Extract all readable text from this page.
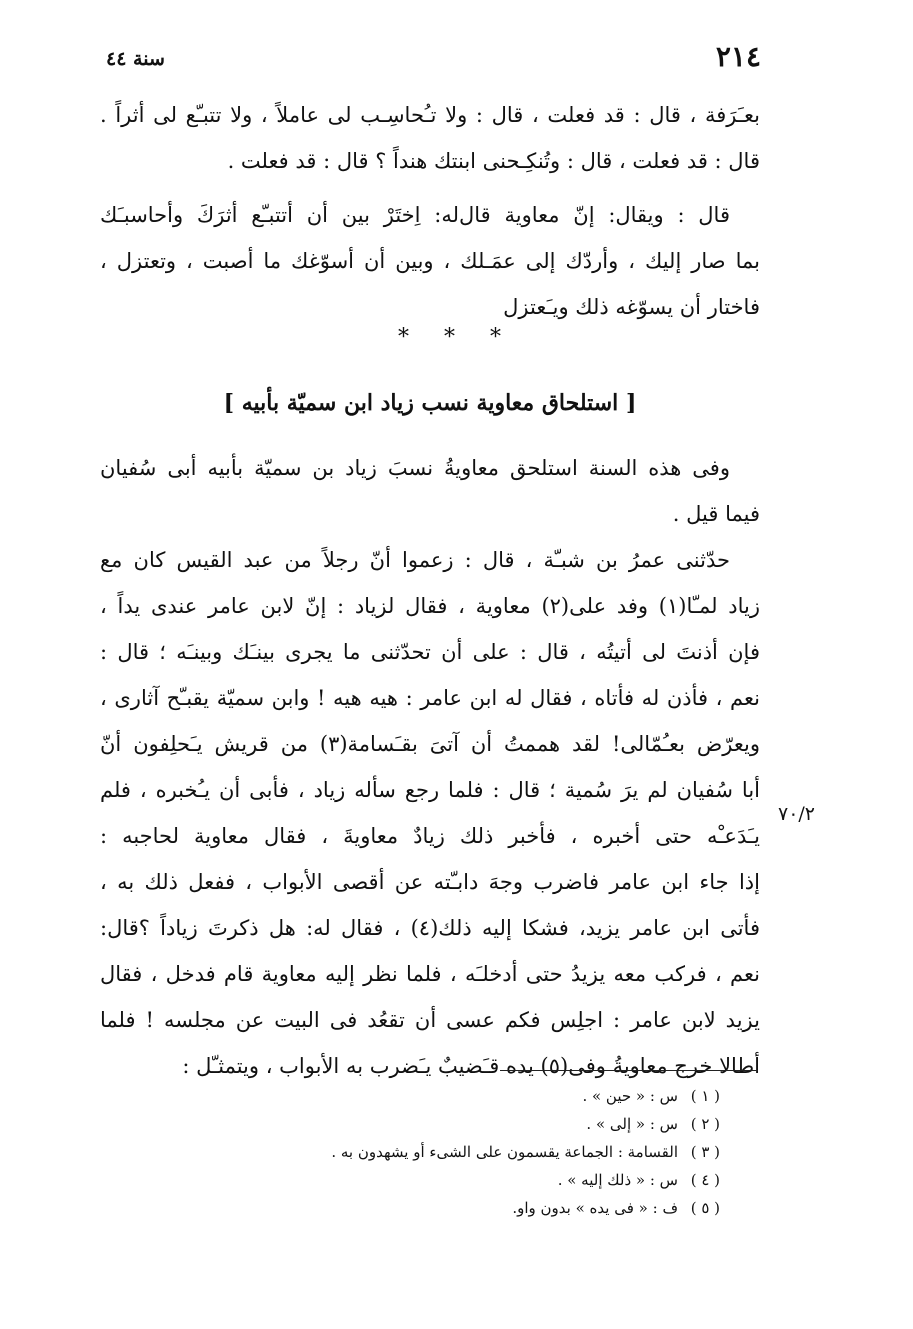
٢١٤
سنة ٤٤
بعـَرَفة ، قال : قد فعلت ، قال : ولا تـُحاسِـب لى عاملاً ، ولا تتبـّع لى أثراً .
قال : قد فعلت ، قال : وتُنكِـحنى ابنتك هنداً ؟ قال : قد فعلت .
قال : ويقال: إنّ معاوية قال‌له: اِختَرْ بين أن أتتبـّع أثرَكَ وأحاسبـَك
بما صار إليك ، وأردّك إلى عمَـلك ، وبين أن أسوّغك ما أصبت ، وتعتزل ،
فاختار أن يسوّغه ذلك ويـَعتزل
* * *
[ استلحاق معاوية نسب زياد ابن سميّة بأبيه ]
وفى هذه السنة استلحق معاويةُ نسبَ زياد بن سميّة بأبيه أبى سُفيان
فيما قيل .
حدّثنى عمرُ بن شبـّة ، قال : زعموا أنّ رجلاً من عبد القيس كان مع
زياد لمـّا(١) وفد على(٢) معاوية ، فقال لزياد : إنّ لابن عامر عندى يداً ،
فإن أذنتَ لى أتيتُه ، قال : على أن تحدّثنى ما يجرى بينـَك وبينـَه ؛ قال :
نعم ، فأذن له فأتاه ، فقال له ابن عامر : هيه هيه ! وابن سميّة يقبـّح آثارى ،
ويعرّض بعـُمّالى! لقد هممتُ أن آتىَ بقـَسامة(٣) من قريش يـَحلِفون أنّ
أبا سُفيان لم يرَ سُمية ؛ قال : فلما رجع سأله زياد ، فأبى أن يـُخبره ، فلم
يـَدَعـْه حتى أخبره ، فأخبر ذلك زيادٌ معاويةَ ، فقال معاوية لحاجبه :
إذا جاء ابن عامر فاضرب وجهَ دابـّته عن أقصى الأبواب ، ففعل ذلك به ،
فأتى ابن عامر يزيد، فشكا إليه ذلك(٤) ، فقال له: هل ذكرتَ زياداً ؟قال:
نعم ، فركب معه يزيدُ حتى أدخلـَه ، فلما نظر إليه معاوية قام فدخل ، فقال
يزيد لابن عامر : اجلِس فكم عسى أن تقعُد فى البيت عن مجلسه ! فلما
أطالا خرج معاويةُ وفى(٥) يده قـَضيبٌ يـَضرب به الأبواب ، ويتمثـّل :
٧٠/٢
( ١ )س : « حين » .
( ٢ )س : « إلى » .
( ٣ )القسامة : الجماعة يقسمون على الشىء أو يشهدون به .
( ٤ )س : « ذلك إليه » .
( ٥ )ف : « فى يده » بدون واو.
